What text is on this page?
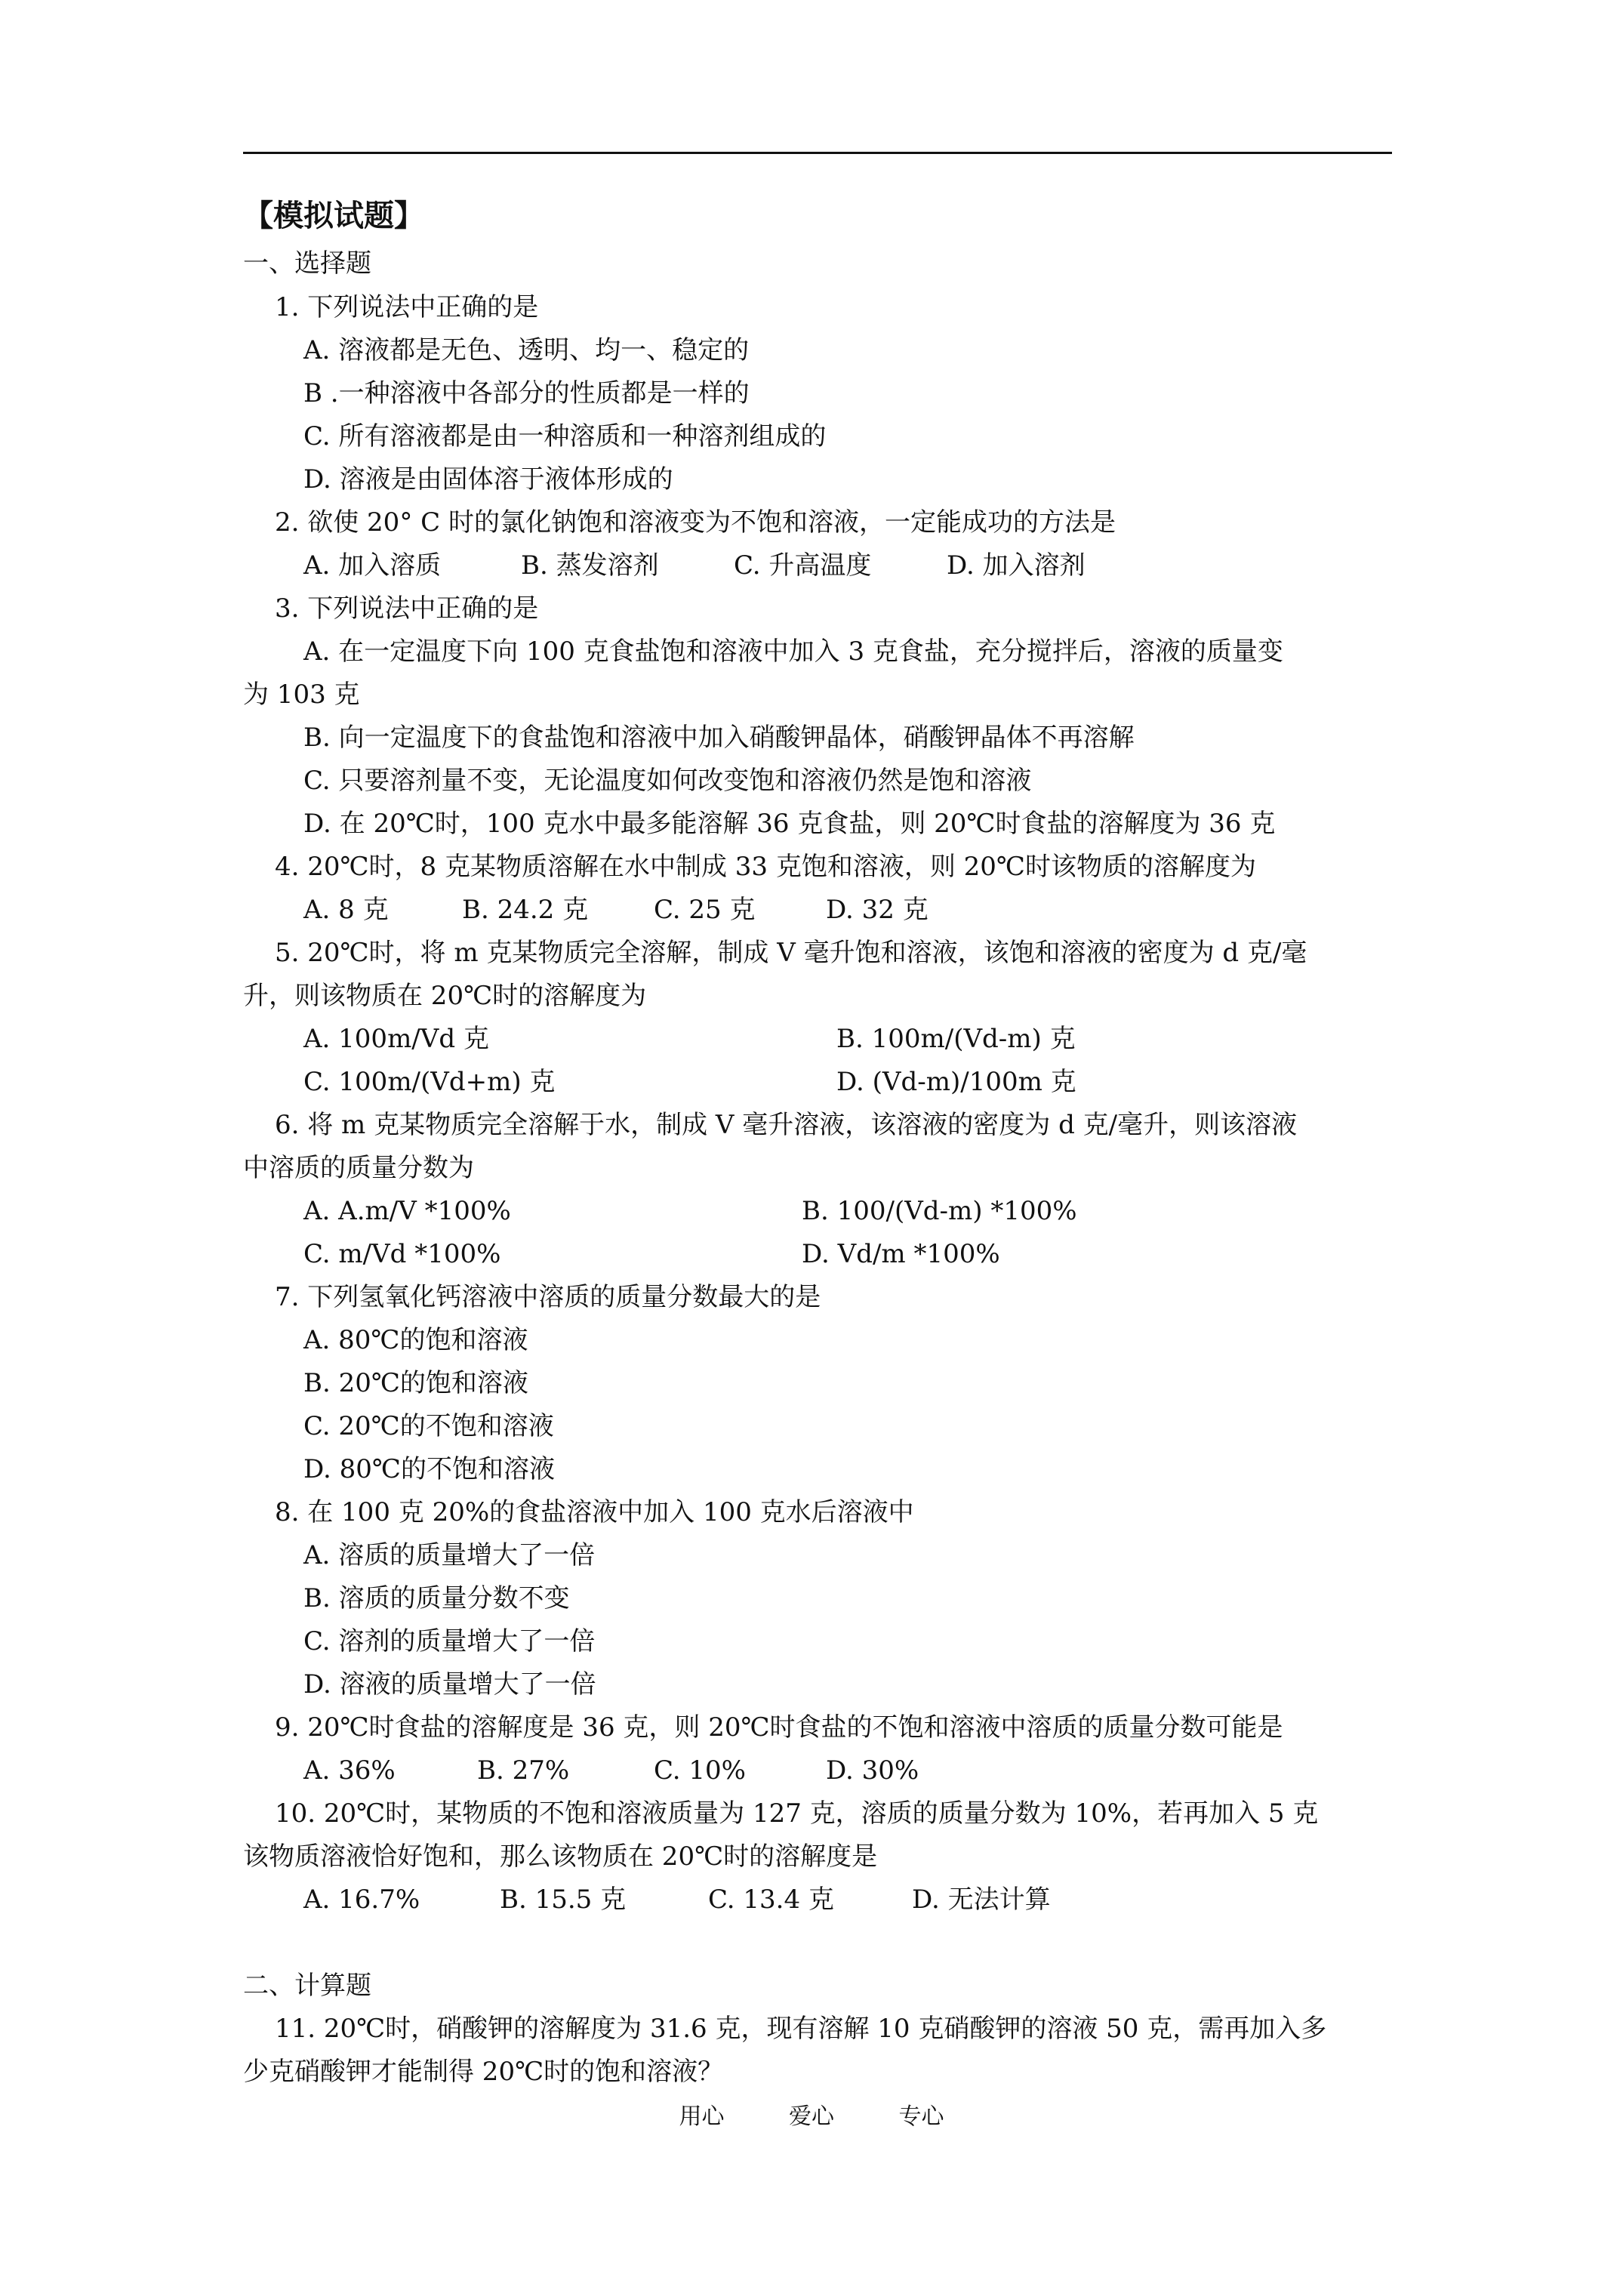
【模拟试题】
一、选择题
1. 下列说法中正确的是
A. 溶液都是无色、透明、均一、稳定的
B .一种溶液中各部分的性质都是一样的
C. 所有溶液都是由一种溶质和一种溶剂组成的
D. 溶液是由固体溶于液体形成的
2. 欲使 20° C 时的氯化钠饱和溶液变为不饱和溶液，一定能成功的方法是
A. 加入溶质	B. 蒸发溶剂	C. 升高温度	D. 加入溶剂
3. 下列说法中正确的是
A. 在一定温度下向 100 克食盐饱和溶液中加入 3 克食盐，充分搅拌后，溶液的质量变
为 103 克
B. 向一定温度下的食盐饱和溶液中加入硝酸钾晶体，硝酸钾晶体不再溶解
C. 只要溶剂量不变，无论温度如何改变饱和溶液仍然是饱和溶液
D. 在 20℃时，100 克水中最多能溶解 36 克食盐，则 20℃时食盐的溶解度为 36 克
4. 20℃时，8 克某物质溶解在水中制成 33 克饱和溶液，则 20℃时该物质的溶解度为
A. 8 克	B. 24.2 克	C. 25 克	D. 32 克
5. 20℃时，将 m 克某物质完全溶解，制成 V 毫升饱和溶液，该饱和溶液的密度为 d 克/毫
升，则该物质在 20℃时的溶解度为
A. 100m/Vd 克	B. 100m/(Vd-m) 克
C. 100m/(Vd+m) 克	D. (Vd-m)/100m 克
6. 将 m 克某物质完全溶解于水，制成 V 毫升溶液，该溶液的密度为 d 克/毫升，则该溶液
中溶质的质量分数为
A. A.m/V *100%	B. 100/(Vd-m) *100%
C. m/Vd *100%	D. Vd/m *100%
7. 下列氢氧化钙溶液中溶质的质量分数最大的是
A. 80℃的饱和溶液
B. 20℃的饱和溶液
C. 20℃的不饱和溶液
D. 80℃的不饱和溶液
8. 在 100 克 20%的食盐溶液中加入 100 克水后溶液中
A. 溶质的质量增大了一倍
B. 溶质的质量分数不变
C. 溶剂的质量增大了一倍
D. 溶液的质量增大了一倍
9. 20℃时食盐的溶解度是 36 克，则 20℃时食盐的不饱和溶液中溶质的质量分数可能是
A. 36%	B. 27%	C. 10%	D. 30%
10. 20℃时，某物质的不饱和溶液质量为 127 克，溶质的质量分数为 10%，若再加入 5 克
该物质溶液恰好饱和，那么该物质在 20℃时的溶解度是
A. 16.7%	B. 15.5 克	C. 13.4 克	D. 无法计算
二、计算题
11. 20℃时，硝酸钾的溶解度为 31.6 克，现有溶解 10 克硝酸钾的溶液 50 克，需再加入多
少克硝酸钾才能制得 20℃时的饱和溶液？
用心	爱心	专心
